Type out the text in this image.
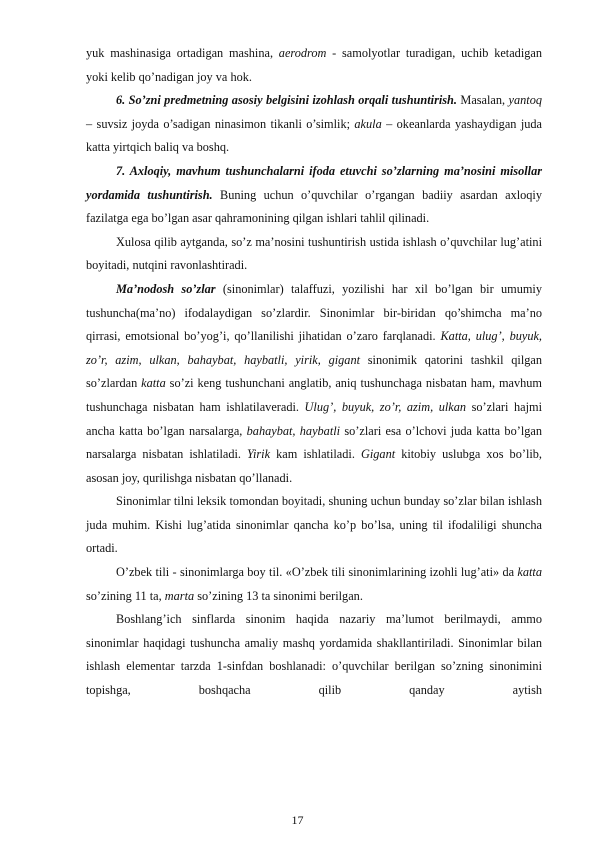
yuk mashinasiga ortadigan mashina, aerodrom - samolyotlar turadigan, uchib ketadigan yoki kelib qo’nadigan joy va hok.

6. So’zni predmetning asosiy belgisini izohlash orqali tushuntirish. Masalan, yantoq – suvsiz joyda o’sadigan ninasimon tikanli o’simlik; akula – okeanlarda yashaydigan juda katta yirtqich baliq va boshq.

7. Axloqiy, mavhum tushunchalarni ifoda etuvchi so’zlarning ma’nosini misollar yordamida tushuntirish. Buning uchun o’quvchilar o’rgangan badiiy asardan axloqiy fazilatga ega bo’lgan asar qahramonining qilgan ishlari tahlil qilinadi.

Xulosa qilib aytganda, so’z ma’nosini tushuntirish ustida ishlash o’quvchilar lug’atini boyitadi, nutqini ravonlashtiradi.

Ma’nodosh so’zlar (sinonimlar) talaffuzi, yozilishi har xil bo’lgan bir umumiy tushuncha(ma’no) ifodalaydigan so’zlardir. Sinonimlar bir-biridan qo’shimcha ma’no qirrasi, emotsional bo’yog’i, qo’llanilishi jihatidan o’zaro farqlanadi. Katta, ulug’, buyuk, zo’r, azim, ulkan, bahaybat, haybatli, yirik, gigant sinonimik qatorini tashkil qilgan so’zlardan katta so’zi keng tushunchani anglatib, aniq tushunchaga nisbatan ham, mavhum tushunchaga nisbatan ham ishlatilaveradi. Ulug’, buyuk, zo’r, azim, ulkan so’zlari hajmi ancha katta bo’lgan narsalarga, bahaybat, haybatli so’zlari esa o’lchovi juda katta bo’lgan narsalarga nisbatan ishlatiladi. Yirik kam ishlatiladi. Gigant kitobiy uslubga xos bo’lib, asosan joy, qurilishga nisbatan qo’llanadi.

Sinonimlar tilni leksik tomondan boyitadi, shuning uchun bunday so’zlar bilan ishlash juda muhim. Kishi lug’atida sinonimlar qancha ko’p bo’lsa, uning til ifodaliligi shuncha ortadi.

O’zbek tili - sinonimlarga boy til. «O’zbek tili sinonimlarining izohli lug’ati» da katta so’zining 11 ta, marta so’zining 13 ta sinonimi berilgan.

Boshlang’ich sinflarda sinonim haqida nazariy ma’lumot berilmaydi, ammo sinonimlar haqidagi tushuncha amaliy mashq yordamida shakllantiriladi. Sinonimlar bilan ishlash elementar tarzda 1-sinfdan boshlanadi: o’quvchilar berilgan so’zning sinonimini topishga, boshqacha qilib qanday aytish

17
